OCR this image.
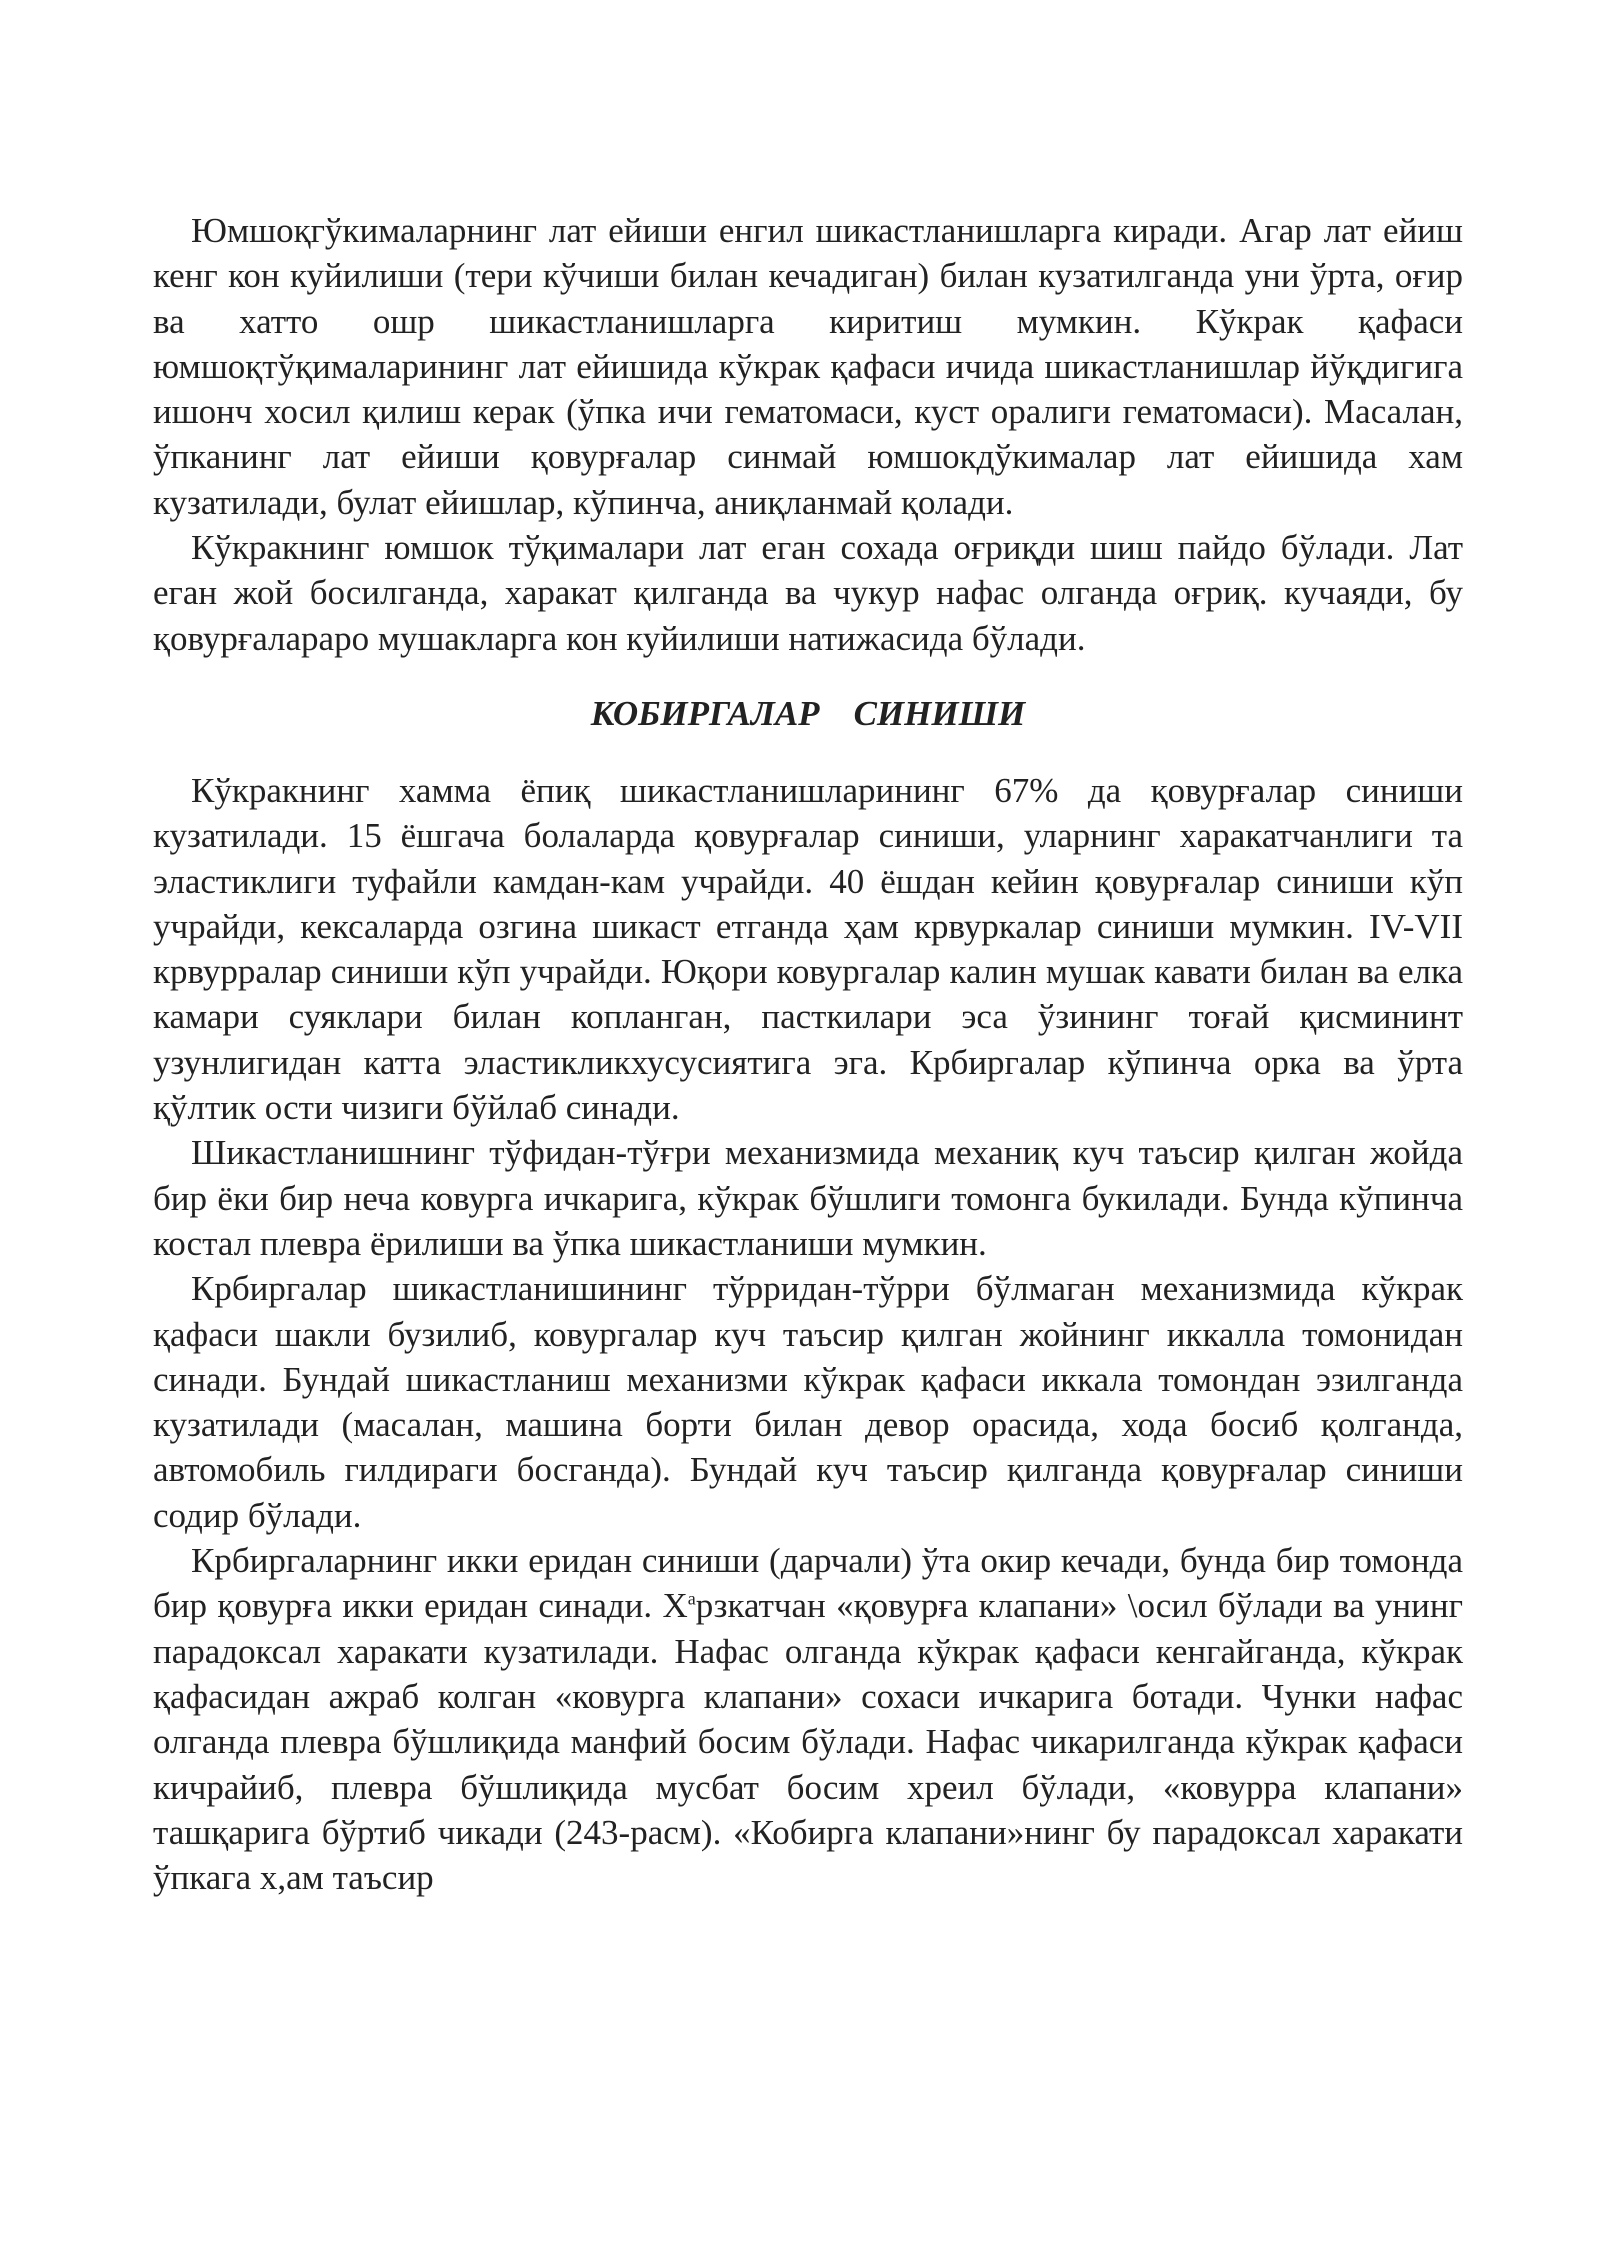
Юмшоқгўкималарнинг лат ейиши енгил шикастланишларга киради. Агар лат ейиш кенг кон куйилиши (тери кўчиши билан кечадиган) билан кузатилганда уни ўрта, оғир ва хатто ошр шикастланишларга киритиш мумкин. Кўкрак қафаси юмшоқтўқималарининг лат ейишида кўкрак қафаси ичида шикастланишлар йўқдигига ишонч хосил қилиш керак (ўпка ичи гематомаси, куст оралиги гематомаси). Масалан, ўпканинг лат ейиши қовурғалар синмай юмшокдўкималар лат ейишида хам кузатилади, булат ейишлар, кўпинча, аниқланмай қолади.

Кўкракнинг юмшок тўқималари лат еган сохада оғриқди шиш пайдо бўлади. Лат еган жой босилганда, харакат қилганда ва чукур нафас олганда оғриқ. кучаяди, бу қовурғалараро мушакларга кон куйилиши натижасида бўлади.

КОБИРГАЛАР СИНИШИ

Кўкракнинг хамма ёпиқ шикастланишларининг 67% да қовурғалар синиши кузатилади. 15 ёшгача болаларда қовурғалар синиши, уларнинг харакатчанлиги та эластиклиги туфайли камдан-кам учрайди. 40 ёшдан кейин қовурғалар синиши кўп учрайди, кексаларда озгина шикаст етганда ҳам крвуркалар синиши мумкин. IV-VII крвурралар синиши кўп учрайди. Юқори ковургалар калин мушак кавати билан ва елка камари суяклари билан копланган, пасткилари эса ўзининг тоғай қисмининт узунлигидан катта эластикликхусусиятига эга. Крбиргалар кўпинча орка ва ўрта қўлтик ости чизиги бўйлаб синади.

Шикастланишнинг тўфидан-тўғри механизмида механиқ куч таъсир қилган жойда бир ёки бир неча ковурга ичкарига, кўкрак бўшлиги томонга букилади. Бунда кўпинча костал плевра ёрилиши ва ўпка шикастланиши мумкин.

Крбиргалар шикастланишининг тўрридан-тўрри бўлмаган механизмида кўкрак қафаси шакли бузилиб, ковургалар куч таъсир қилган жойнинг иккалла томонидан синади. Бундай шикастланиш механизми кўкрак қафаси иккала томондан эзилганда кузатилади (масалан, машина борти билан девор орасида, хода босиб қолганда, автомобиль гилдираги босганда). Бундай куч таъсир қилганда қовурғалар синиши содир бўлади.

Крбиргаларнинг икки еридан синиши (дарчали) ўта окир кечади, бунда бир томонда бир қовурға икки еридан синади. $Х^арзкатчан$ «қовурға клапани» \осил бўлади ва унинг парадоксал харакати кузатилади. Нафас олганда кўкрак қафаси кенгайганда, кўкрак қафасидан ажраб колган «ковурга клапани» сохаси ичкарига ботади. Чунки нафас олганда плевра бўшлиқида манфий босим бўлади. Нафас чикарилганда кўкрак қафаси кичрайиб, плевра бўшлиқида мусбат босим хреил бўлади, «ковурра клапани» ташқарига бўртиб чикади (243-расм). «Кобирга клапани»нинг бу парадоксал харакати ўпкага х,ам таъсир
